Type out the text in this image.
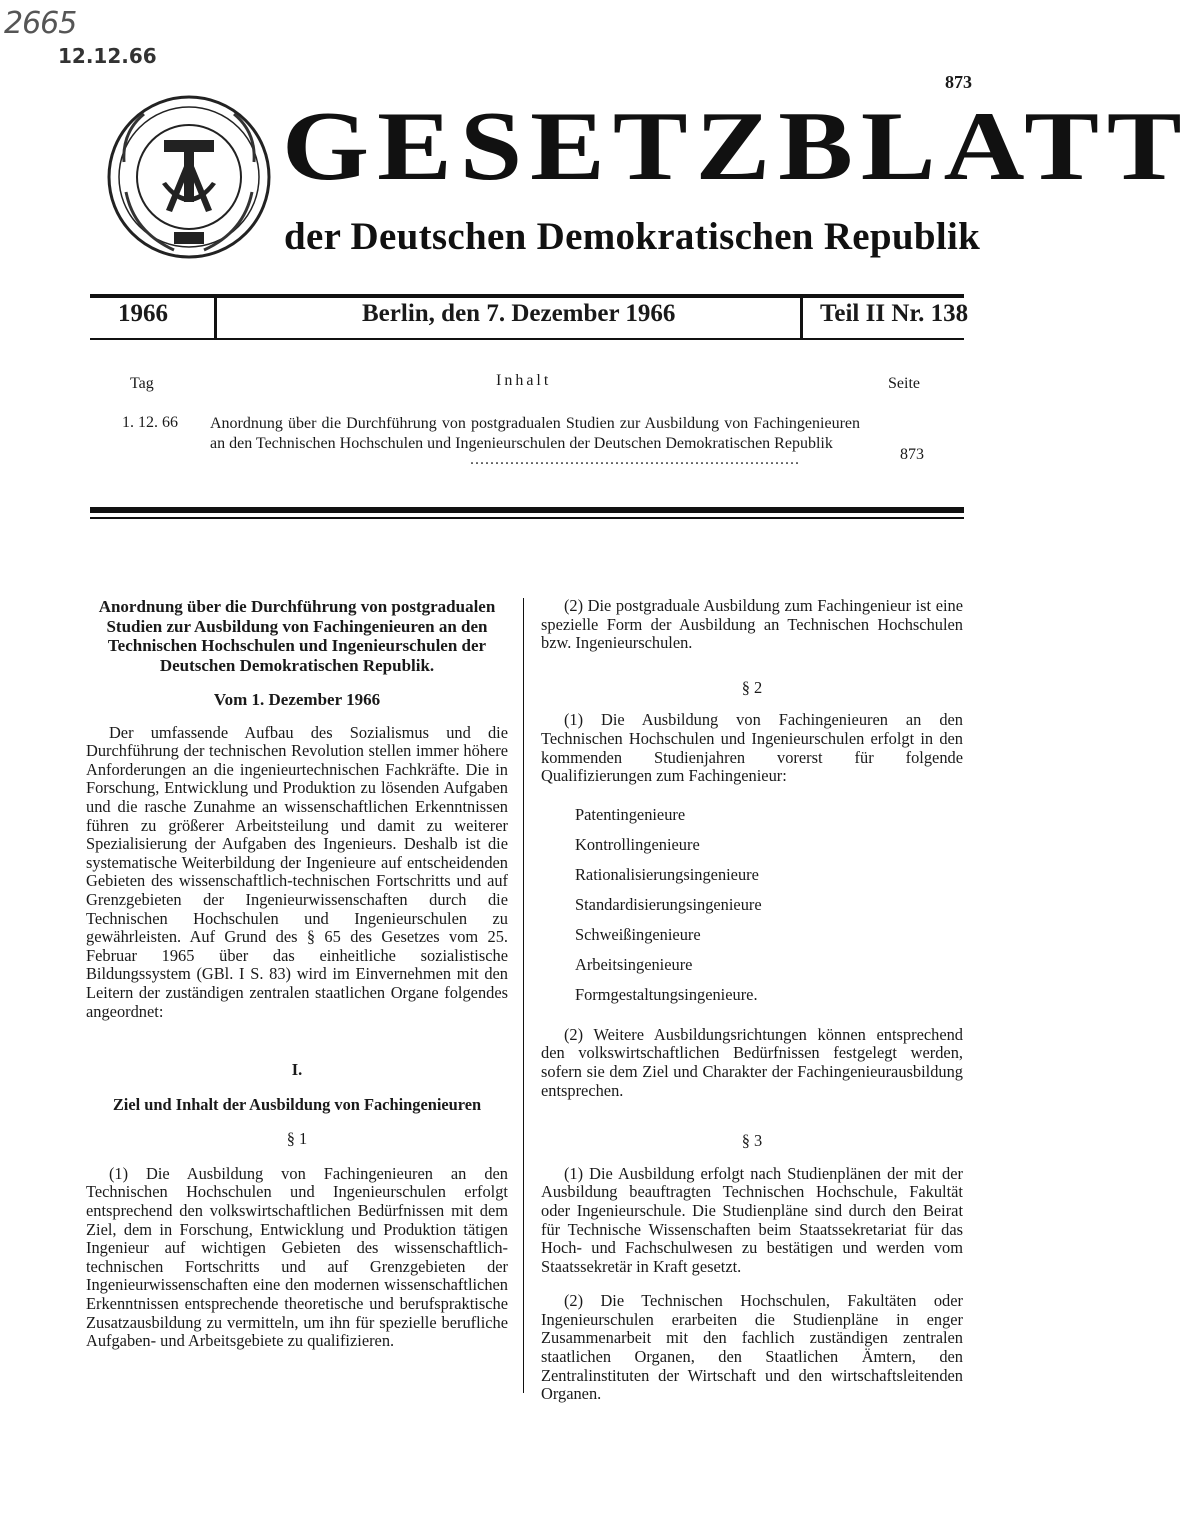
2665
12.12.66
873
GESETZBLATT
der Deutschen Demokratischen Republik
1966	Berlin, den 7. Dezember 1966	Teil II Nr. 138
Tag	Inhalt	Seite
1. 12. 66 Anordnung über die Durchführung von postgradualen Studien zur Ausbildung von Fachingenieuren an den Technischen Hochschulen und Ingenieurschulen der Deutschen Demokratischen Republik
..................................................................	873

Anordnung über die Durchführung von postgradualen Studien zur Ausbildung von Fachingenieuren an den Technischen Hochschulen und Ingenieurschulen der Deutschen Demokratischen Republik.

Vom 1. Dezember 1966

Der umfassende Aufbau des Sozialismus und die Durchführung der technischen Revolution stellen immer höhere Anforderungen an die ingenieurtechnischen Fachkräfte. Die in Forschung, Entwicklung und Produktion zu lösenden Aufgaben und die rasche Zunahme an wissenschaftlichen Erkenntnissen führen zu größerer Arbeitsteilung und damit zu weiterer Spezialisierung der Aufgaben des Ingenieurs. Deshalb ist die systematische Weiterbildung der Ingenieure auf entscheidenden Gebieten des wissenschaftlich-technischen Fortschritts und auf Grenzgebieten der Ingenieurwissenschaften durch die Technischen Hochschulen und Ingenieurschulen zu gewährleisten. Auf Grund des § 65 des Gesetzes vom 25. Februar 1965 über das einheitliche sozialistische Bildungssystem (GBl. I S. 83) wird im Einvernehmen mit den Leitern der zuständigen zentralen staatlichen Organe folgendes angeordnet:

I.

Ziel und Inhalt der Ausbildung von Fachingenieuren

§ 1

(1) Die Ausbildung von Fachingenieuren an den Technischen Hochschulen und Ingenieurschulen erfolgt entsprechend den volkswirtschaftlichen Bedürfnissen mit dem Ziel, dem in Forschung, Entwicklung und Produktion tätigen Ingenieur auf wichtigen Gebieten des wissenschaftlich-technischen Fortschritts und auf Grenzgebieten der Ingenieurwissenschaften eine den modernen wissenschaftlichen Erkenntnissen entsprechende theoretische und berufspraktische Zusatzausbildung zu vermitteln, um ihn für spezielle berufliche Aufgaben- und Arbeitsgebiete zu qualifizieren.

(2) Die postgraduale Ausbildung zum Fachingenieur ist eine spezielle Form der Ausbildung an Technischen Hochschulen bzw. Ingenieurschulen.

§ 2

(1) Die Ausbildung von Fachingenieuren an den Technischen Hochschulen und Ingenieurschulen erfolgt in den kommenden Studienjahren vorerst für folgende Qualifizierungen zum Fachingenieur:

Patentingenieure
Kontrollingenieure
Rationalisierungsingenieure
Standardisierungsingenieure
Schweißingenieure
Arbeitsingenieure
Formgestaltungsingenieure.

(2) Weitere Ausbildungsrichtungen können entsprechend den volkswirtschaftlichen Bedürfnissen festgelegt werden, sofern sie dem Ziel und Charakter der Fachingenieurausbildung entsprechen.

§ 3

(1) Die Ausbildung erfolgt nach Studienplänen der mit der Ausbildung beauftragten Technischen Hochschule, Fakultät oder Ingenieurschule. Die Studienpläne sind durch den Beirat für Technische Wissenschaften beim Staatssekretariat für das Hoch- und Fachschulwesen zu bestätigen und werden vom Staatssekretär in Kraft gesetzt.

(2) Die Technischen Hochschulen, Fakultäten oder Ingenieurschulen erarbeiten die Studienpläne in enger Zusammenarbeit mit den fachlich zuständigen zentralen staatlichen Organen, den Staatlichen Ämtern, den Zentralinstituten der Wirtschaft und den wirtschaftsleitenden Organen.
